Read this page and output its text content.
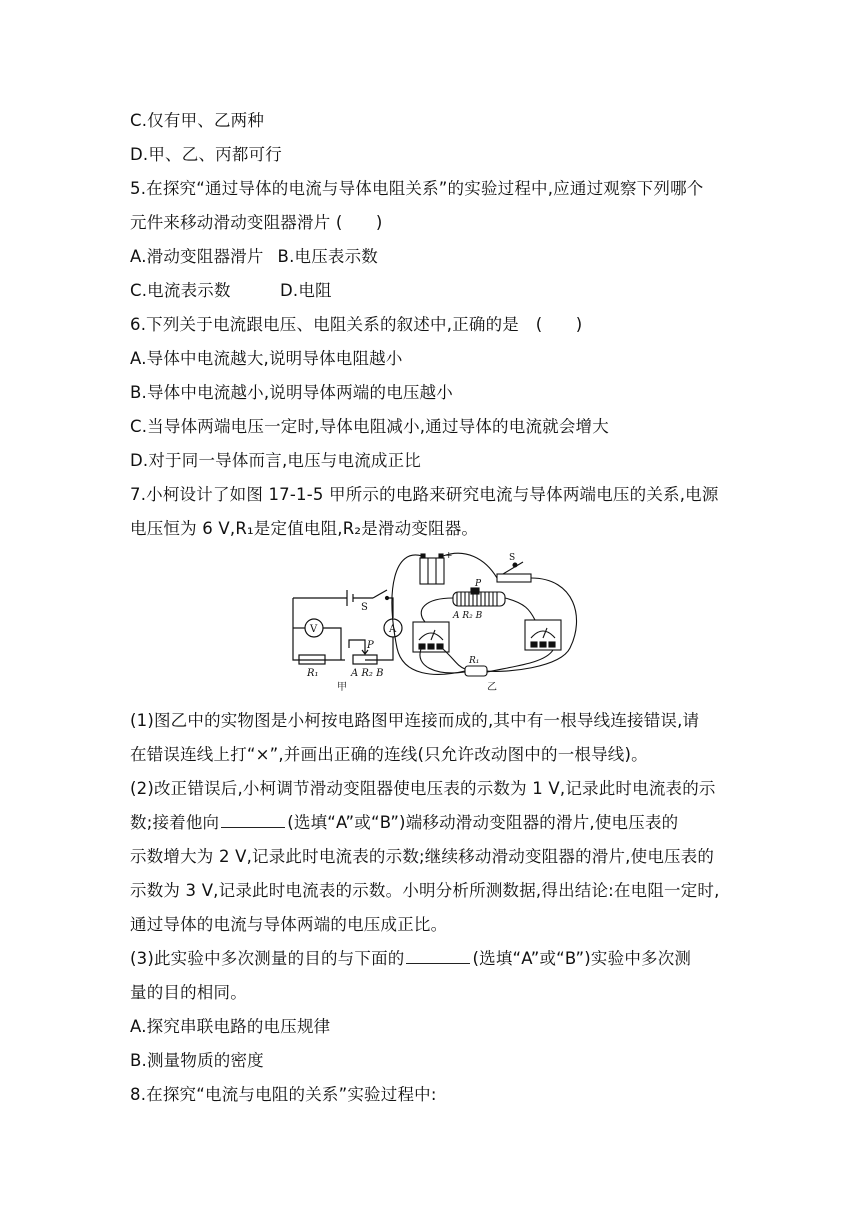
C.仅有甲、乙两种
D.甲、乙、丙都可行
5.在探究“通过导体的电流与导体电阻关系”的实验过程中,应通过观察下列哪个
元件来移动滑动变阻器滑片 (　　)
A.滑动变阻器滑片 B.电压表示数
C.电流表示数	D.电阻
6.下列关于电流跟电压、电阻关系的叙述中,正确的是　(　　)
A.导体中电流越大,说明导体电阻越小
B.导体中电流越小,说明导体两端的电压越小
C.当导体两端电压一定时,导体电阻减小,通过导体的电流就会增大
D.对于同一导体而言,电压与电流成正比
7.小柯设计了如图 17-1-5 甲所示的电路来研究电流与导体两端电压的关系,电源
电压恒为 6 V,R₁是定值电阻,R₂是滑动变阻器。
V	A
S
R₁	A R₂ B
P
甲	乙
+	S
P
A R₂ B
R₁
(1)图乙中的实物图是小柯按电路图甲连接而成的,其中有一根导线连接错误,请
在错误连线上打“×”,并画出正确的连线(只允许改动图中的一根导线)。
(2)改正错误后,小柯调节滑动变阻器使电压表的示数为 1 V,记录此时电流表的示
数;接着他向	(选填“A”或“B”)端移动滑动变阻器的滑片,使电压表的
示数增大为 2 V,记录此时电流表的示数;继续移动滑动变阻器的滑片,使电压表的
示数为 3 V,记录此时电流表的示数。小明分析所测数据,得出结论:在电阻一定时,
通过导体的电流与导体两端的电压成正比。
(3)此实验中多次测量的目的与下面的	(选填“A”或“B”)实验中多次测
量的目的相同。
A.探究串联电路的电压规律
B.测量物质的密度
8.在探究“电流与电阻的关系”实验过程中:
